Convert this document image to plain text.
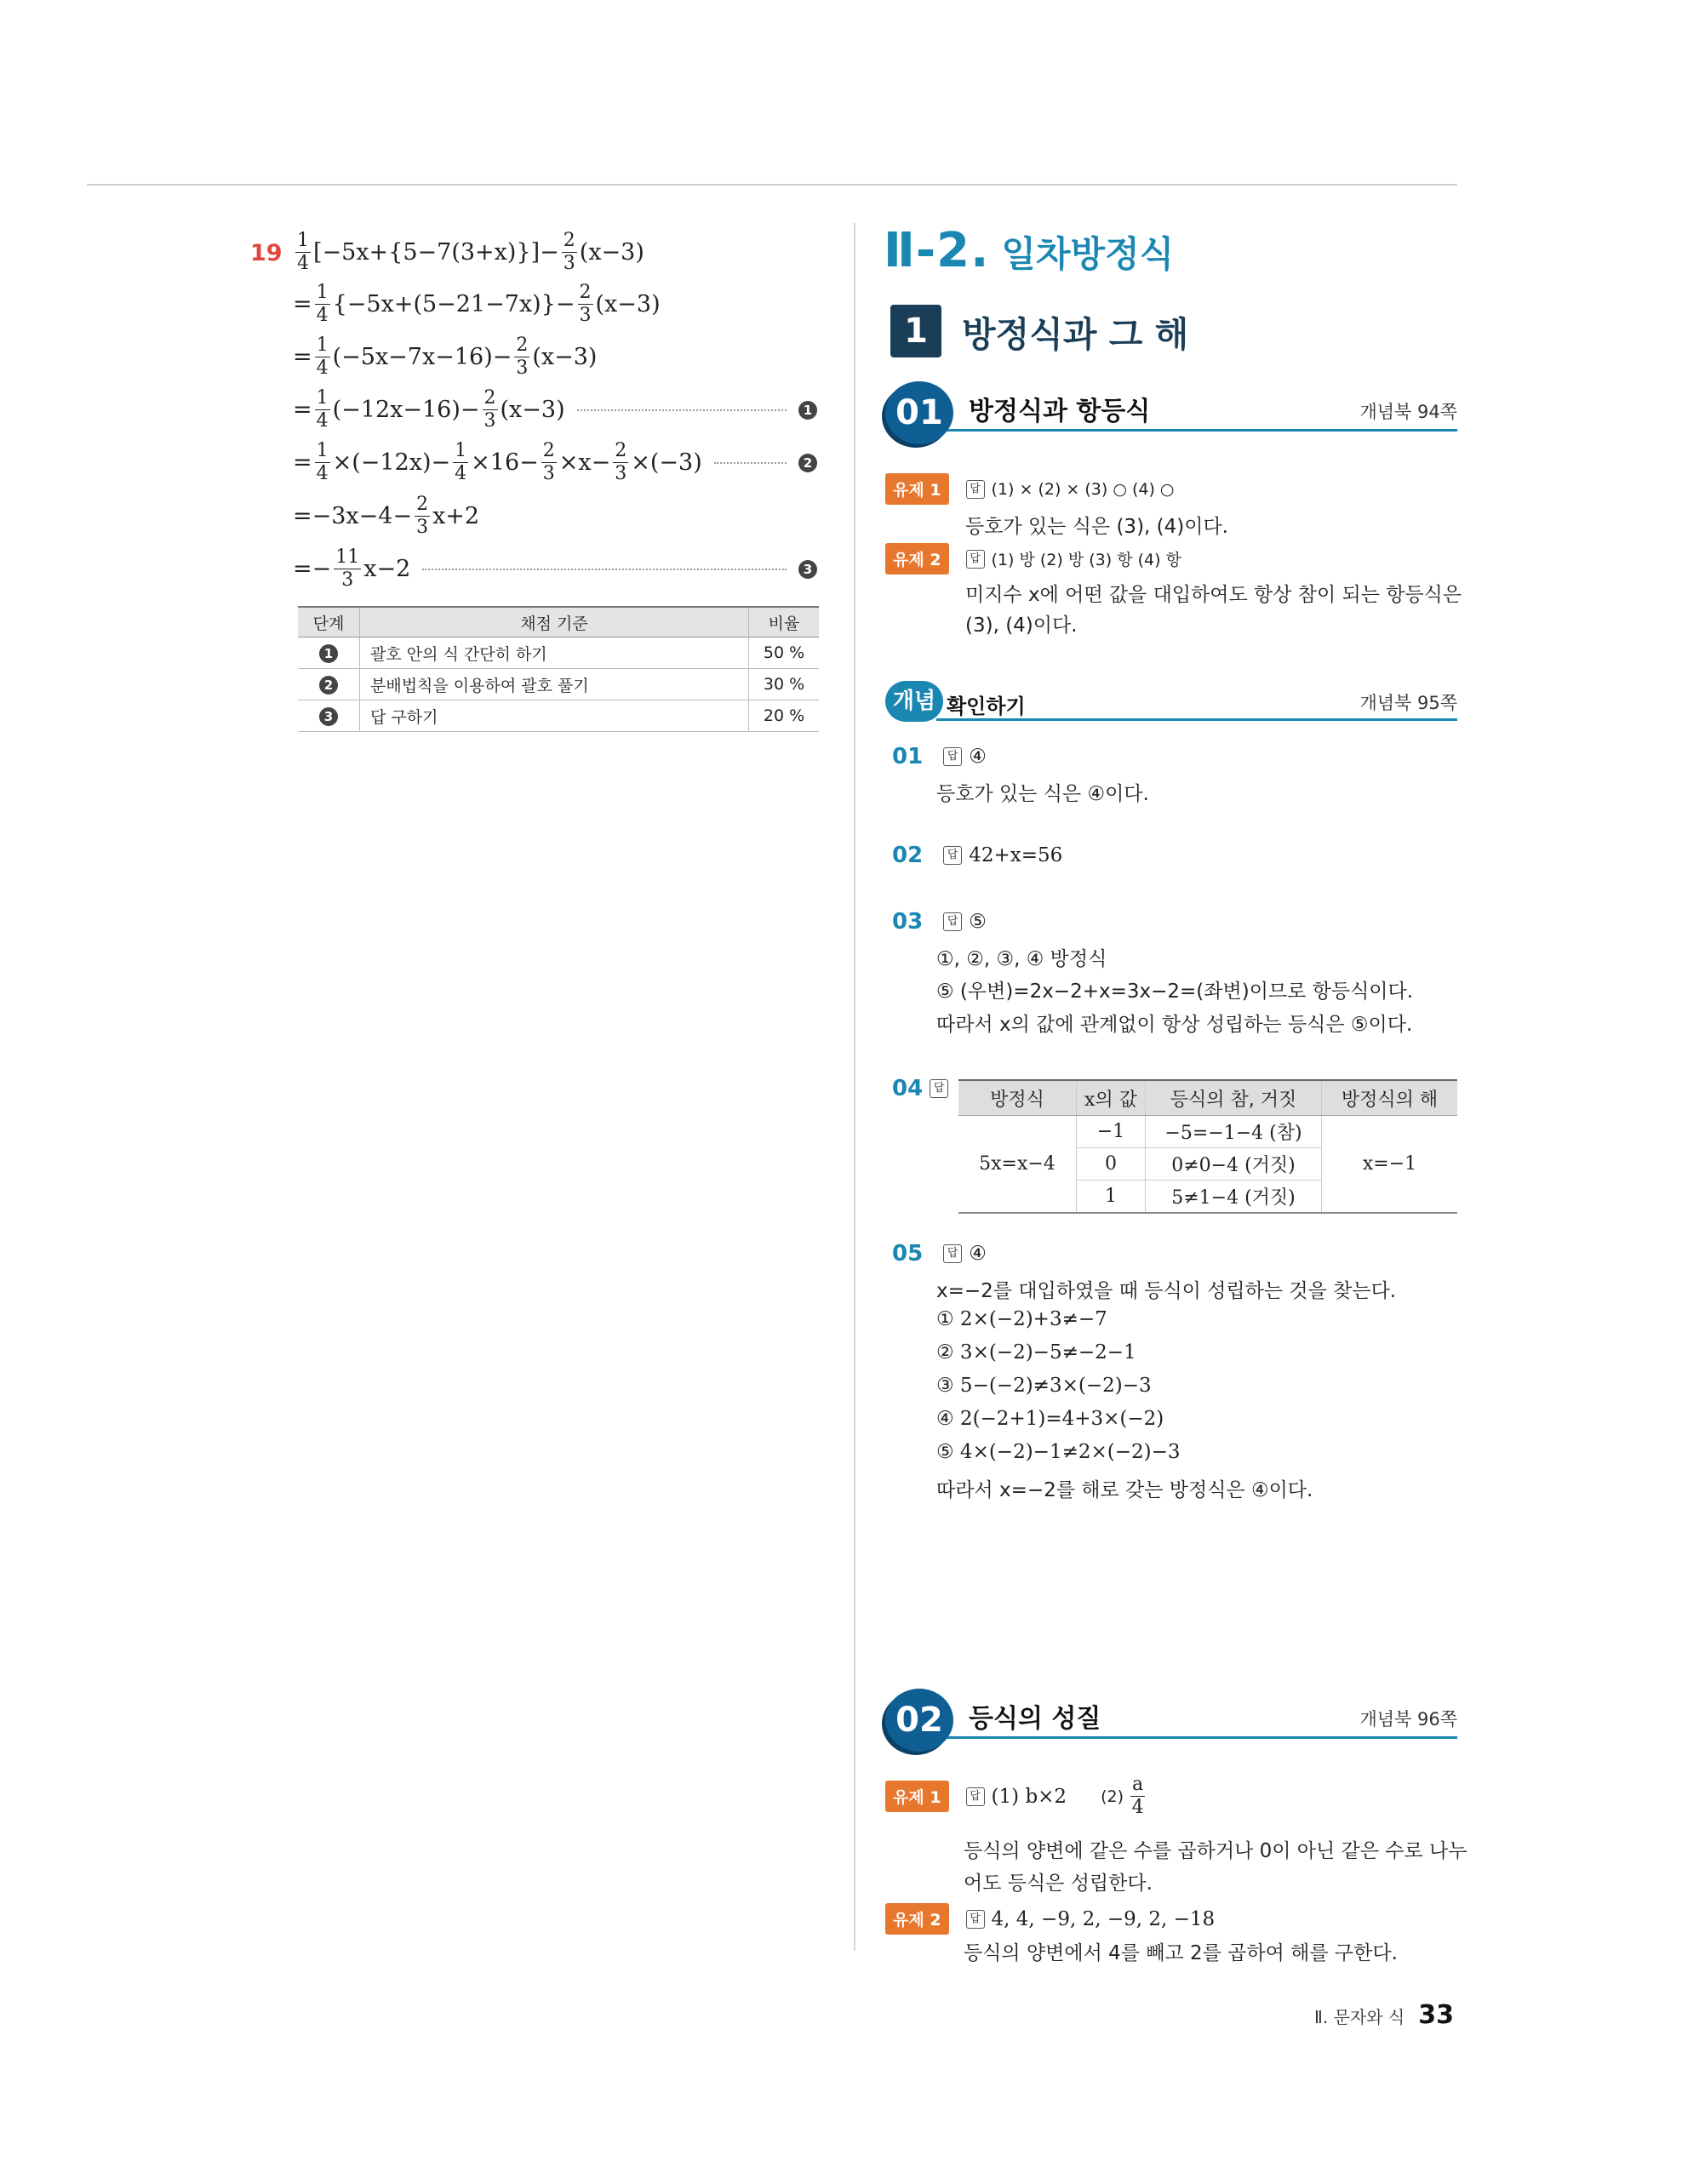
$19 \frac{1}{4} [-5x+\{5-7(3+x)\}]- \frac{2}{3} (x-3)$
= $\frac{1}{4} \{-5x+(5-21-7x)\}- \frac{2}{3} (x-3)$
= $\frac{1}{4} (-5x-7x-16)- \frac{2}{3} (x-3)$
= $\frac{1}{4} (-12x-16)- \frac{2}{3} (x-3)$	1
= $\frac{1}{4} \times(-12x)- \frac{1}{4} \times 16- \frac{2}{3} \times x- \frac{2}{3} \times(-3)$	2
$=-3x-4- \frac{2}{3} x+2$
=− $\frac{11}{3} x-2$	3
단계	채점 기준	비율
1	괄호 안의 식 간단히 하기	50 %
2	분배법칙을 이용하여 괄호 풀기	30 %
3	답 구하기	20 %
Ⅱ-2. 일차방정식
1 방정식과 그 해
01	방정식과 항등식	개념북 94쪽
유제 1	답 (1) × (2) × (3) ○ (4) ○
등호가 있는 식은 (3), (4)이다.
유제 2	답 (1) 방 (2) 방 (3) 항 (4) 항
미지수 x에 어떤 값을 대입하여도 항상 참이 되는 항등식은
(3), (4)이다.
개념 확인하기	개념북 95쪽
01	답 ④
등호가 있는 식은 ④이다.
02	답 42+x=56
03	답 ⑤
①, ②, ③, ④ 방정식
⑤ (우변)=2x−2+x=3x−2=(좌변)이므로 항등식이다.
따라서 x의 값에 관계없이 항상 성립하는 등식은 ⑤이다.
04 답
방정식	x의 값	등식의 참, 거짓	방정식의 해
5x=x−4	−1	−5=−1−4 (참)	x=−1
	0	0≠0−4 (거짓)	
	1	5≠1−4 (거짓)	
05	답 ④
x=−2를 대입하였을 때 등식이 성립하는 것을 찾는다.
① 2×(−2)+3≠−7
② 3×(−2)−5≠−2−1
③ 5−(−2)≠3×(−2)−3
④ 2(−2+1)=4+3×(−2)
⑤ 4×(−2)−1≠2×(−2)−3
따라서 x=−2를 해로 갖는 방정식은 ④이다.
02	등식의 성질	개념북 96쪽
유제 1	답 (1) b×2 $(2) \frac{a}{4}$
등식의 양변에 같은 수를 곱하거나 0이 아닌 같은 수로 나누
어도 등식은 성립한다.
유제 2	답 4, 4, −9, 2, −9, 2, −18
등식의 양변에서 4를 빼고 2를 곱하여 해를 구한다.
Ⅱ. 문자와 식 33
